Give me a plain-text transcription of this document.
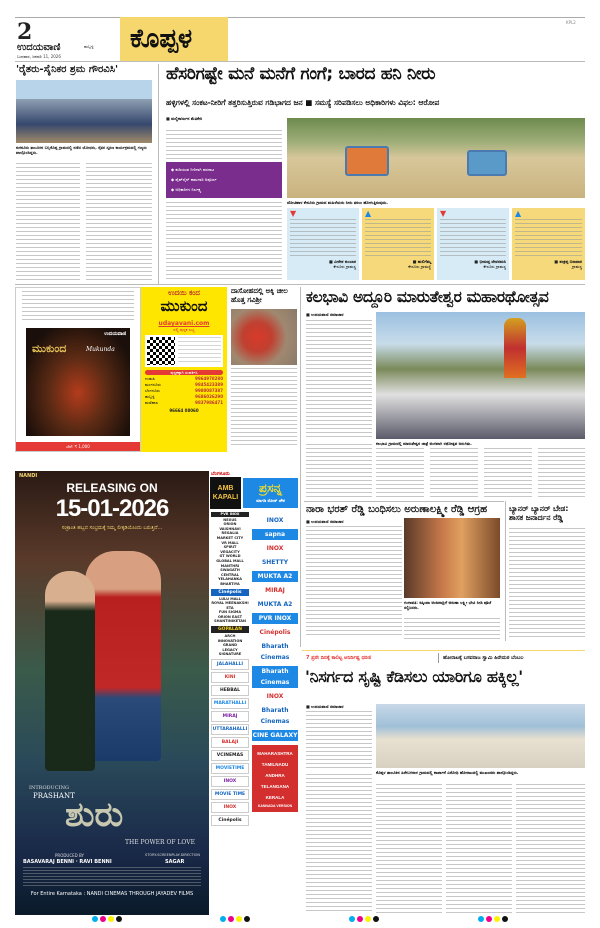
2
ಉದಯವಾಣಿ	ಹುಬ್ಬಳ್ಳಿ
ಬುಧವಾರ, ಜನವರಿ 11, 2026
ಕೊಪ್ಪಳ
KPL2
'ರೈತರು-ಸೈನಿಕರ ಶ್ರಮ ಗೌರವಿಸಿ'
ಕುಕನೂರು ತಾಲೂಕಿನ ಬನ್ನಿಕೊಪ್ಪ ಗ್ರಾಮದಲ್ಲಿ ನಡೆದ ಯೋಧರು, ರೈತರ ಸ್ಮರಣ ಕಾರ್ಯಕ್ರಮದಲ್ಲಿ ಗಣ್ಯರು ಪಾಲ್ಗೊಂಡಿದ್ದರು.
ಹೆಸರಿಗಷ್ಟೇ ಮನೆ ಮನೆಗೆ ಗಂಗೆ; ಬಾರದ ಹನಿ ನೀರು
ಹಳ್ಳಿಗಳಲ್ಲಿ ಸಂಕಟ-ನೀರಿಗೆ ತತ್ತರಿಸುತ್ತಿರುವ ಗಡಿಭಾಗದ ಜನ ■ ಸಮಸ್ಯೆ ಸರಿಪಡಿಸಲು ಅಧಿಕಾರಿಗಳು ವಿಫಲ: ಆರೋಪ
■ ಮಲ್ಲಿಕಾರ್ಜುನ ಮೆತಿಕೇರಿ
◆ ಕುಡಿಯುವ ನೀರಿಗಾಗಿ ಪರದಾಟ
◆ ಪೈಪ್‌ಲೈನ್ ಕಾಮಗಾರಿ ಅಪೂರ್ಣ
◆ ಅಧಿಕಾರಿಗಳ ನಿರ್ಲಕ್ಷ್ಯ
ದೋಟಿಹಾಳ ಕೇಸೂರು ಗ್ರಾಮದ ಮಹಿಳೆಯರು ನೀರು ತರಲು ಹೋಗುತ್ತಿರುವುದು.
▼
■ ವೀರೇಶ ಕುಂಬಾರ
ಕೇಸೂರು ಗ್ರಾಮಸ್ಥ
▲
■ ಹುಲಿಗೆಮ್ಮ
ಕೇಸೂರು ಗ್ರಾಮಸ್ಥೆ
▼
■ ಭೀಮಪ್ಪ ದೇವರಮನಿ
ಕೇಸೂರು ಗ್ರಾಮಸ್ಥ
▲
■ ಶಂಕ್ರಪ್ಪ ಬಿರಾದಾರ
ಗ್ರಾಮಸ್ಥ
ಉದಯವಾಣಿ
ಮುಕುಂದ	Mukunda
ಬೆಲೆ: ₹ 1,000
ಉದಯಿ ಕಂದ
ಮುಕುಂದ
udayavani.com
ನಲ್ಲಿ ಪುಸ್ತಕ ಲಭ್ಯ
ಪುಸ್ತಕಕ್ಕಾಗಿ ಸಂಪರ್ಕಿಸಿ
ಉಡುಪಿ	9964978280
ಮಂಗಳೂರು	9845423389
ಬೆಂಗಳೂರು	9980087387
ಹುಬ್ಬಳ್ಳಿ	9686026290
ಮಣಿಪಾಲ	9837986471
96664 08060
ದಾಸೋಹದಲ್ಲಿ ಅಕ್ಕಿ ಚೀಲ ಹೊತ್ತ ಗವಿಶ್ರೀ	ಕಲಭಾವಿ ಅದ್ದೂರಿ ಮಾರುತೇಶ್ವರ ಮಹಾರಥೋತ್ಸವ
■ ಉದಯವಾಣಿ ಸಮಾಚಾರ
ಕಲಭಾವಿ ಗ್ರಾಮದಲ್ಲಿ ಮಾರುತೇಶ್ವರ ಜಾತ್ರೆ ಅಂಗವಾಗಿ ರಥೋತ್ಸವ ಜರುಗಿತು.
ನಾರಾ ಭರತ್ ರೆಡ್ಡಿ ಬಂಧಿಸಲು ಅರುಣಾಲಕ್ಷ್ಮೀ ರೆಡ್ಡಿ ಆಗ್ರಹ
■ ಉದಯವಾಣಿ ಸಮಾಚಾರ
ಗಂಗಾವತಿ: ಕಿಷ್ಕಿಂದಾ ಅಂಜನಾದ್ರಿಗೆ ಅರುಣಾ ಲಕ್ಷ್ಮೀ ಭೇಟಿ ನೀಡಿ ಪೂಜೆ ಸಲ್ಲಿಸಿದರು.
ಬ್ಯಾನರ್‌ ಬ್ಯಾನರ್ ಬೇಡ: ಶಾಸಕ ಜನಾರ್ದನ ರೆಡ್ಡಿ
7 ಪ್ರನೇ ದಿನಕ್ಕೆ ಕಾಲಿಟ್ಟ ಅನಿರ್ದಿಷ್ಟ ಧರಣಿ	ಹೋರಾಟಕ್ಕೆ ಬಸವರಾಜ ಸ್ವಾಮಿ ಹಿರೇಮಠ ಬೆಂಬಲ
'ನಿಸರ್ಗದ ಸೃಷ್ಟಿ ಕೆಡಿಸಲು ಯಾರಿಗೂ ಹಕ್ಕಿಲ್ಲ'
■ ಉದಯವಾಣಿ ಸಮಾಚಾರ
ಕೊಪ್ಪಳ ತಾಲೂಕಿನ ಹಿರೇಬಗನಾಳ ಗ್ರಾಮದಲ್ಲಿ ಕಾರ್ಖಾನೆ ವಿರೋಧಿ ಹೋರಾಟದಲ್ಲಿ ಮುಖಂಡರು ಪಾಲ್ಗೊಂಡಿದ್ದರು.
NANDI
RELEASING ON
15-01-2026
ಸಂಕ್ರಾಂತಿ ಹಬ್ಬದ ಸಂಭ್ರಮಕ್ಕೆ ನಿಮ್ಮ ಲೀಕ್ಕಡಿಯೊಂದು ಬರುತ್ತಿದೆ...
INTRODUCING
PRASHANT
ಶುರು
THE POWER OF LOVE
PRODUCED BY
BASAVARAJ BENNI · RAVI BENNI
STORY-SCREENPLAY-DIRECTION
SAGAR
For Entire Karnataka : NANDI CINEMAS THROUGH JAYADEV FILMS
ಬೆಂಗಳೂರು
AMB KAPALI
ಪ್ರಸನ್ನ
ಮಾಗಡಿ ರೋಡ್ ಚೌಕ
PVR INOX
NEXUS
ORION
VAISHNAVI
REGALIA
MARKET CITY
VR MALL
SPIRIT
VEGACITY
GT WORLD
GLOBAL MALL
MANTHRI
SWAGATH
CENTRAL
YELAHANKA
BHARTIYA
Cinépolis
LULU MALL
ROYAL MEENAKSHI
ETA
FUN SIGMA
ORION EAST
SHANTINIKETAN
GOPALAN
ARCH
INNOVATION
GRAND
LEGACY
SIGNATURE
JALAHALLI
KINI
HEBBAL
MARATHALLI
MIRAJ
UTTARAHALLI
BALAJI
VCINEMAS
MOVIETIME
INOX
MOVIE TIME
INOX
Cinépolis
INOX
sapna
INOX
SHETTY
MUKTA A2
MIRAJ
MUKTA A2
PVR INOX
Cinépolis
Bharath Cinemas
Bharath Cinemas
INOX
Bharath Cinemas
CINE GALAXY
MAHARASHTRA
TAMILNADU
ANDHRA
TELANGANA
KERALA
KANNADA VERSION
